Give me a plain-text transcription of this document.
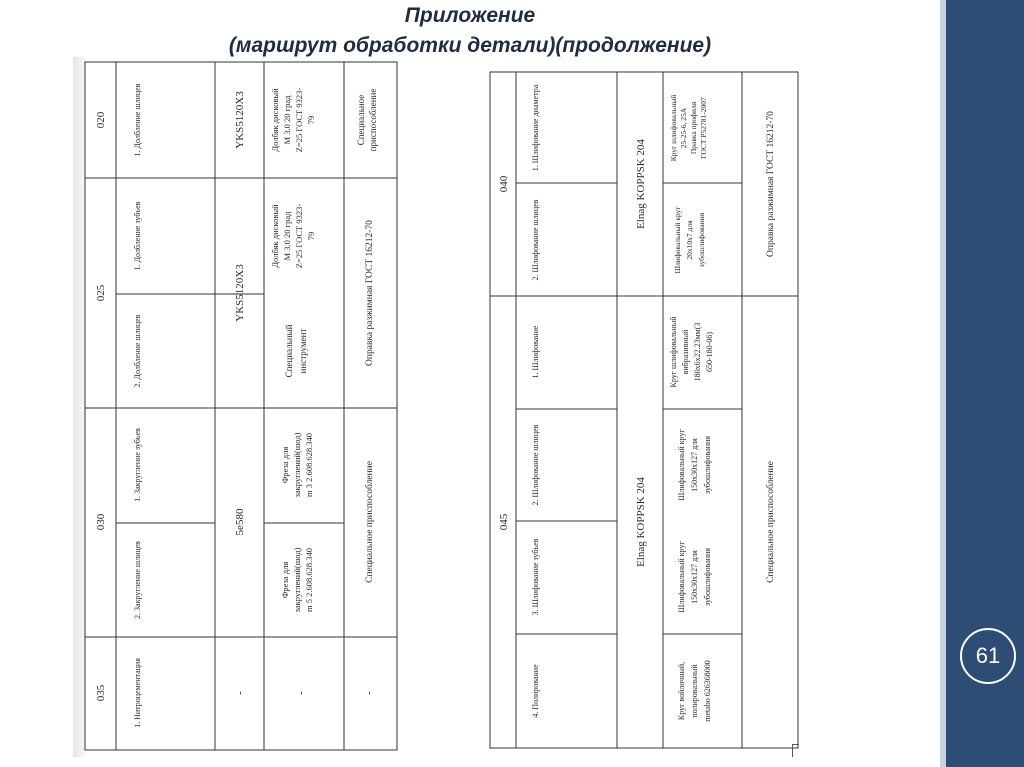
Приложение
(маршрут обработки детали)(продолжение)
61
020
025
030
035
1. Долбление шлицев
1. Долбление зубьев
2. Долбление шлицев
1. Закругление зубьев
2. Закругление шлицев
1. Нитроцементация
YKS5120X3
YKS5120X3
5e580
-
Долбяк дисковый М 3.0 20 град Z=25 ГОСТ 9323- 79
Долбяк дисковый М 3.0 20 град Z=25 ГОСТ 9323- 79
Специальный инструмент
Фреза для закруглений(шод) m 3 2.608.628.340
Фреза для закруглений(шод) m 5 2.608.628.340
-
Специальное приспособление
Оправка разжимная ГОСТ 16212-70
Специальное приспособление
-
040
045
1. Шлифование диаметра
2. Шлифование шлицев
1. Шлифование
2. Шлифование шлицев
3. Шлифование зубьев
4. Полирование
Elnag KOPPSK 204
Elnag KOPPSK 204
Круг шлифовальный 25-25-6, 25А Правка профиля ГОСТ Р52781-2007
Шлифовальный круг 20x10x7 для зубошлифования
Круг шлифовальный вибразивный 180x6x22.23мм(3 650-180-06)
Шлифовальный круг 150x30x127 для зубошлифования
Шлифовальный круг 150x30x127 для зубошлифования
Круг войлочный, полировальный metabo 626368000
Оправка разжимная ГОСТ 16212-70
Специальное приспособление
